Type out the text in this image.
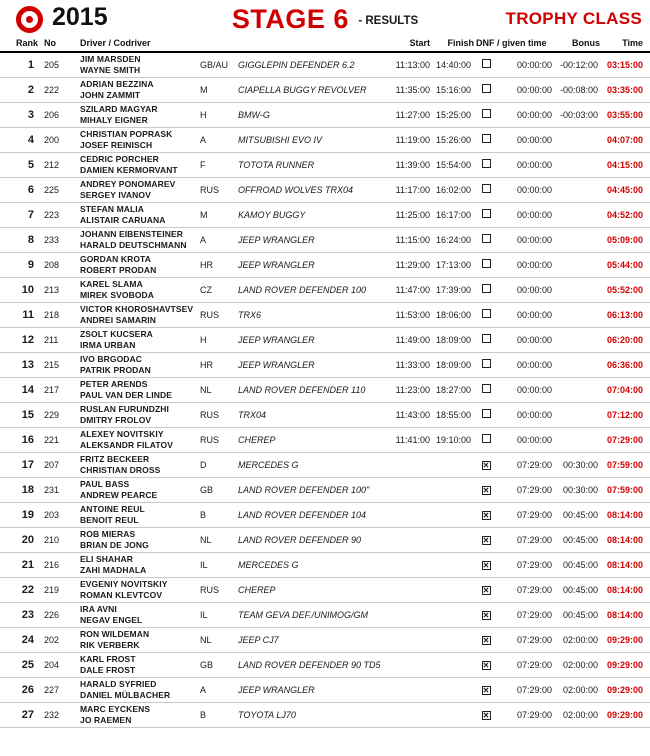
2015	STAGE 6 - RESULTS	TROPHY CLASS
Rank	No	Driver / Codriver			Start	Finish	DNF / given time		Bonus	Time
1	205	JIM MARSDEN
WAYNE SMITH	GB/AU	GIGGLEPIN DEFENDER 6.2	11:13:00	14:40:00		00:00:00	-00:12:00	03:15:00
2	222	ADRIAN BEZZINA
JOHN ZAMMIT	M	CIAPELLA BUGGY REVOLVER	11:35:00	15:16:00		00:00:00	-00:08:00	03:35:00
3	206	SZILARD MAGYAR
MIHALY EIGNER	H	BMW-G	11:27:00	15:25:00		00:00:00	-00:03:00	03:55:00
4	200	CHRISTIAN POPRASK
JOSEF REINISCH	A	MITSUBISHI EVO IV	11:19:00	15:26:00		00:00:00		04:07:00
5	212	CEDRIC PORCHER
DAMIEN KERMORVANT	F	TOTOTA RUNNER	11:39:00	15:54:00		00:00:00		04:15:00
6	225	ANDREY PONOMAREV
SERGEY IVANOV	RUS	OFFROAD WOLVES TRX04	11:17:00	16:02:00		00:00:00		04:45:00
7	223	STEFAN MALIA
ALISTAIR CARUANA	M	KAMOY BUGGY	11:25:00	16:17:00		00:00:00		04:52:00
8	233	JOHANN EIBENSTEINER
HARALD DEUTSCHMANN	A	JEEP WRANGLER	11:15:00	16:24:00		00:00:00		05:09:00
9	208	GORDAN KROTA
ROBERT PRODAN	HR	JEEP WRANGLER	11:29:00	17:13:00		00:00:00		05:44:00
10	213	KAREL SLAMA
MIREK SVOBODA	CZ	LAND ROVER DEFENDER 100	11:47:00	17:39:00		00:00:00		05:52:00
11	218	VICTOR KHOROSHAVTSEV
ANDREI SAMARIN	RUS	TRX6	11:53:00	18:06:00		00:00:00		06:13:00
12	211	ZSOLT KUCSERA
IRMA URBAN	H	JEEP WRANGLER	11:49:00	18:09:00		00:00:00		06:20:00
13	215	IVO BRGODAC
PATRIK PRODAN	HR	JEEP WRANGLER	11:33:00	18:09:00		00:00:00		06:36:00
14	217	PETER ARENDS
PAUL VAN DER LINDE	NL	LAND ROVER DEFENDER 110	11:23:00	18:27:00		00:00:00		07:04:00
15	229	RUSLAN FURUNDZHI
DMITRY FROLOV	RUS	TRX04	11:43:00	18:55:00		00:00:00		07:12:00
16	221	ALEXEY NOVITSKIY
ALEKSANDR FILATOV	RUS	CHEREP	11:41:00	19:10:00		00:00:00		07:29:00
17	207	FRITZ BECKEER
CHRISTIAN DROSS	D	MERCEDES G			✕	07:29:00	00:30:00	07:59:00
18	231	PAUL BASS
ANDREW PEARCE	GB	LAND ROVER DEFENDER 100"			✕	07:29:00	00:30:00	07:59:00
19	203	ANTOINE REUL
BENOIT REUL	B	LAND ROVER DEFENDER 104			✕	07:29:00	00:45:00	08:14:00
20	210	ROB MIERAS
BRIAN DE JONG	NL	LAND ROVER DEFENDER 90			✕	07:29:00	00:45:00	08:14:00
21	216	ELI SHAHAR
ZAHI MADHALA	IL	MERCEDES G			✕	07:29:00	00:45:00	08:14:00
22	219	EVGENIY NOVITSKIY
ROMAN KLEVTCOV	RUS	CHEREP			✕	07:29:00	00:45:00	08:14:00
23	226	IRA AVNI
NEGAV ENGEL	IL	TEAM GEVA DEF./UNIMOG/GM			✕	07:29:00	00:45:00	08:14:00
24	202	RON WILDEMAN
RIK VERBERK	NL	JEEP CJ7			✕	07:29:00	02:00:00	09:29:00
25	204	KARL FROST
DALE FROST	GB	LAND ROVER DEFENDER 90 TD5			✕	07:29:00	02:00:00	09:29:00
26	227	HARALD SYFRIED
DANIEL MÜLBACHER	A	JEEP WRANGLER			✕	07:29:00	02:00:00	09:29:00
27	232	MARC EYCKENS
JO RAEMEN	B	TOYOTA LJ70			✕	07:29:00	02:00:00	09:29:00
